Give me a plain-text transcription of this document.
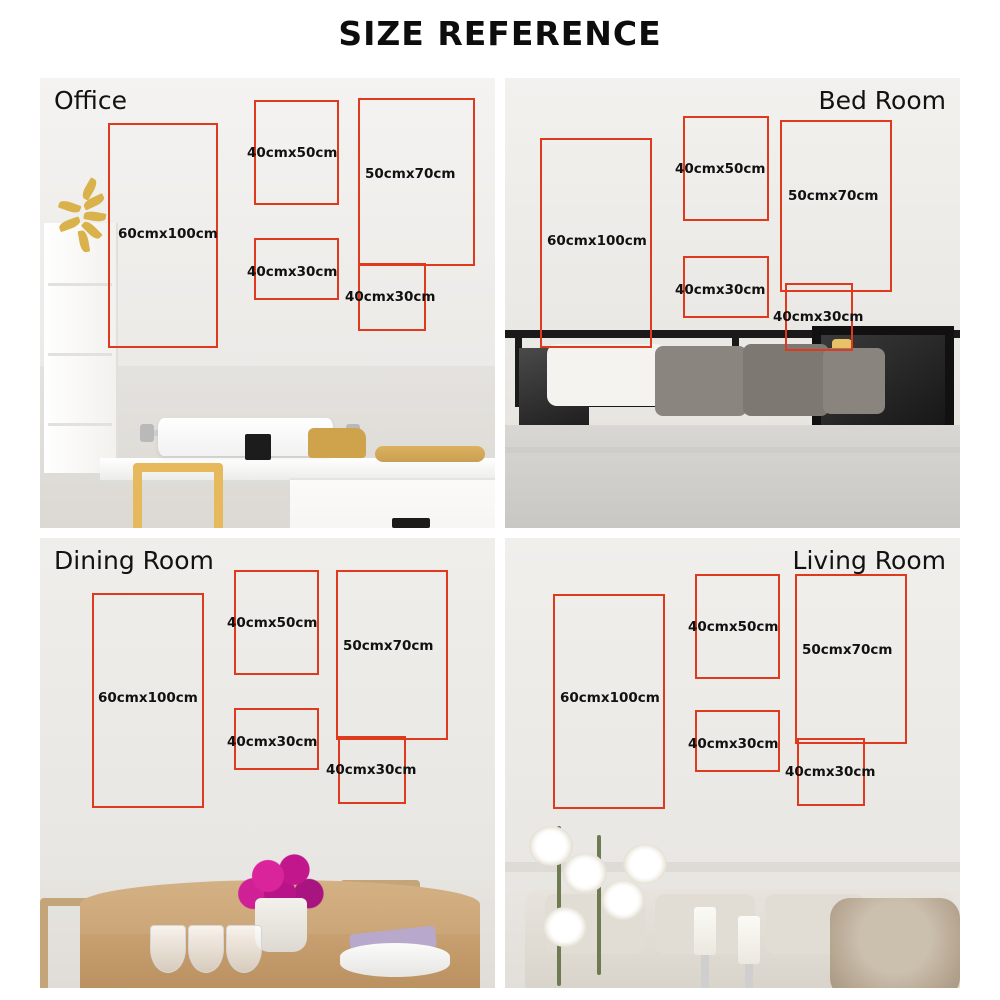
SIZE REFERENCE
Office
60cmx100cm
40cmx50cm
50cmx70cm
40cmx30cm
40cmx30cm
Bed Room
60cmx100cm
40cmx50cm
50cmx70cm
40cmx30cm
40cmx30cm
Dining Room
60cmx100cm
40cmx50cm
50cmx70cm
40cmx30cm
40cmx30cm
Living Room
60cmx100cm
40cmx50cm
50cmx70cm
40cmx30cm
40cmx30cm
